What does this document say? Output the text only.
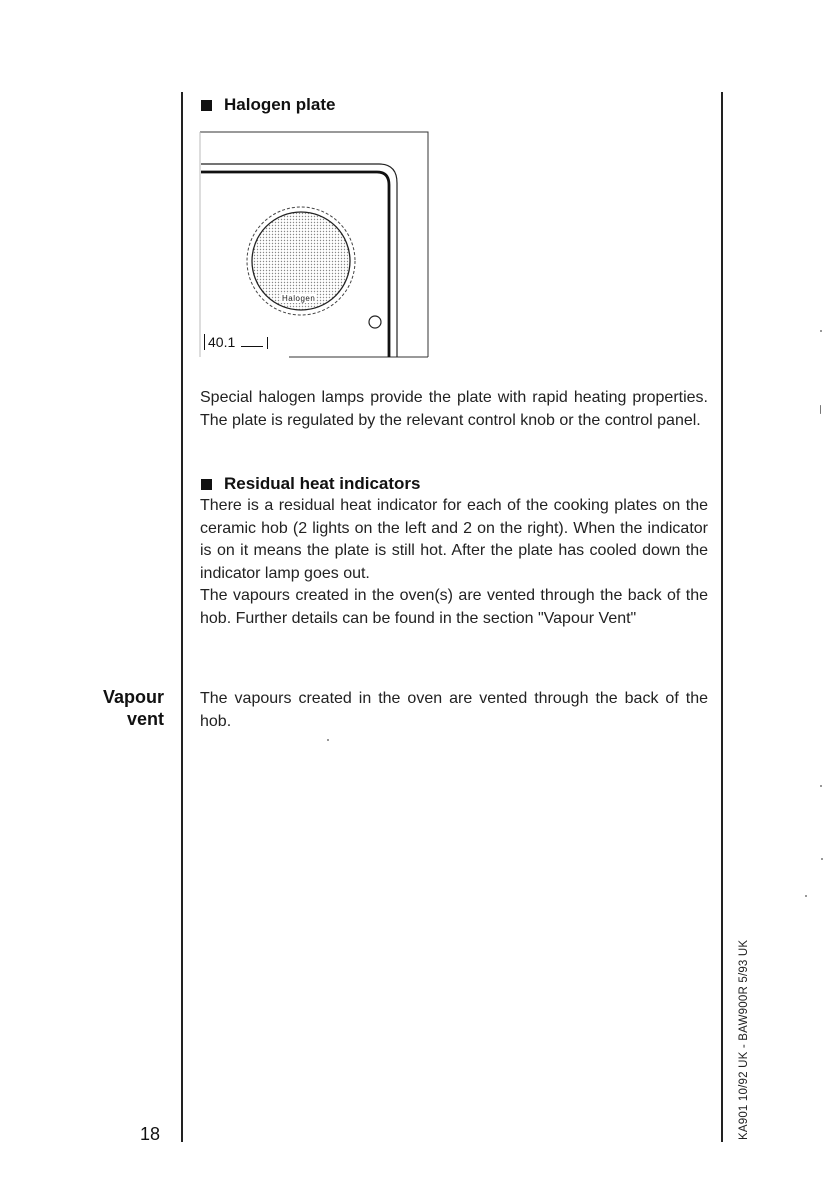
Halogen plate
Halogen
40.1

Special halogen lamps provide the plate with rapid heating properties. The plate is regulated by the relevant control knob or the control panel.

Residual heat indicators

There is a residual heat indicator for each of the cooking plates on the ceramic hob (2 lights on the left and 2 on the right). When the indicator is on it means the plate is still hot. After the plate has cooled down the indicator lamp goes out.

The vapours created in the oven(s) are vented through the back of the hob. Further details can be found in the section "Vapour Vent"

Vapour
vent

The vapours created in the oven are vented through the back of the hob.

18	KA901 10/92 UK - BAW900R 5/93 UK
